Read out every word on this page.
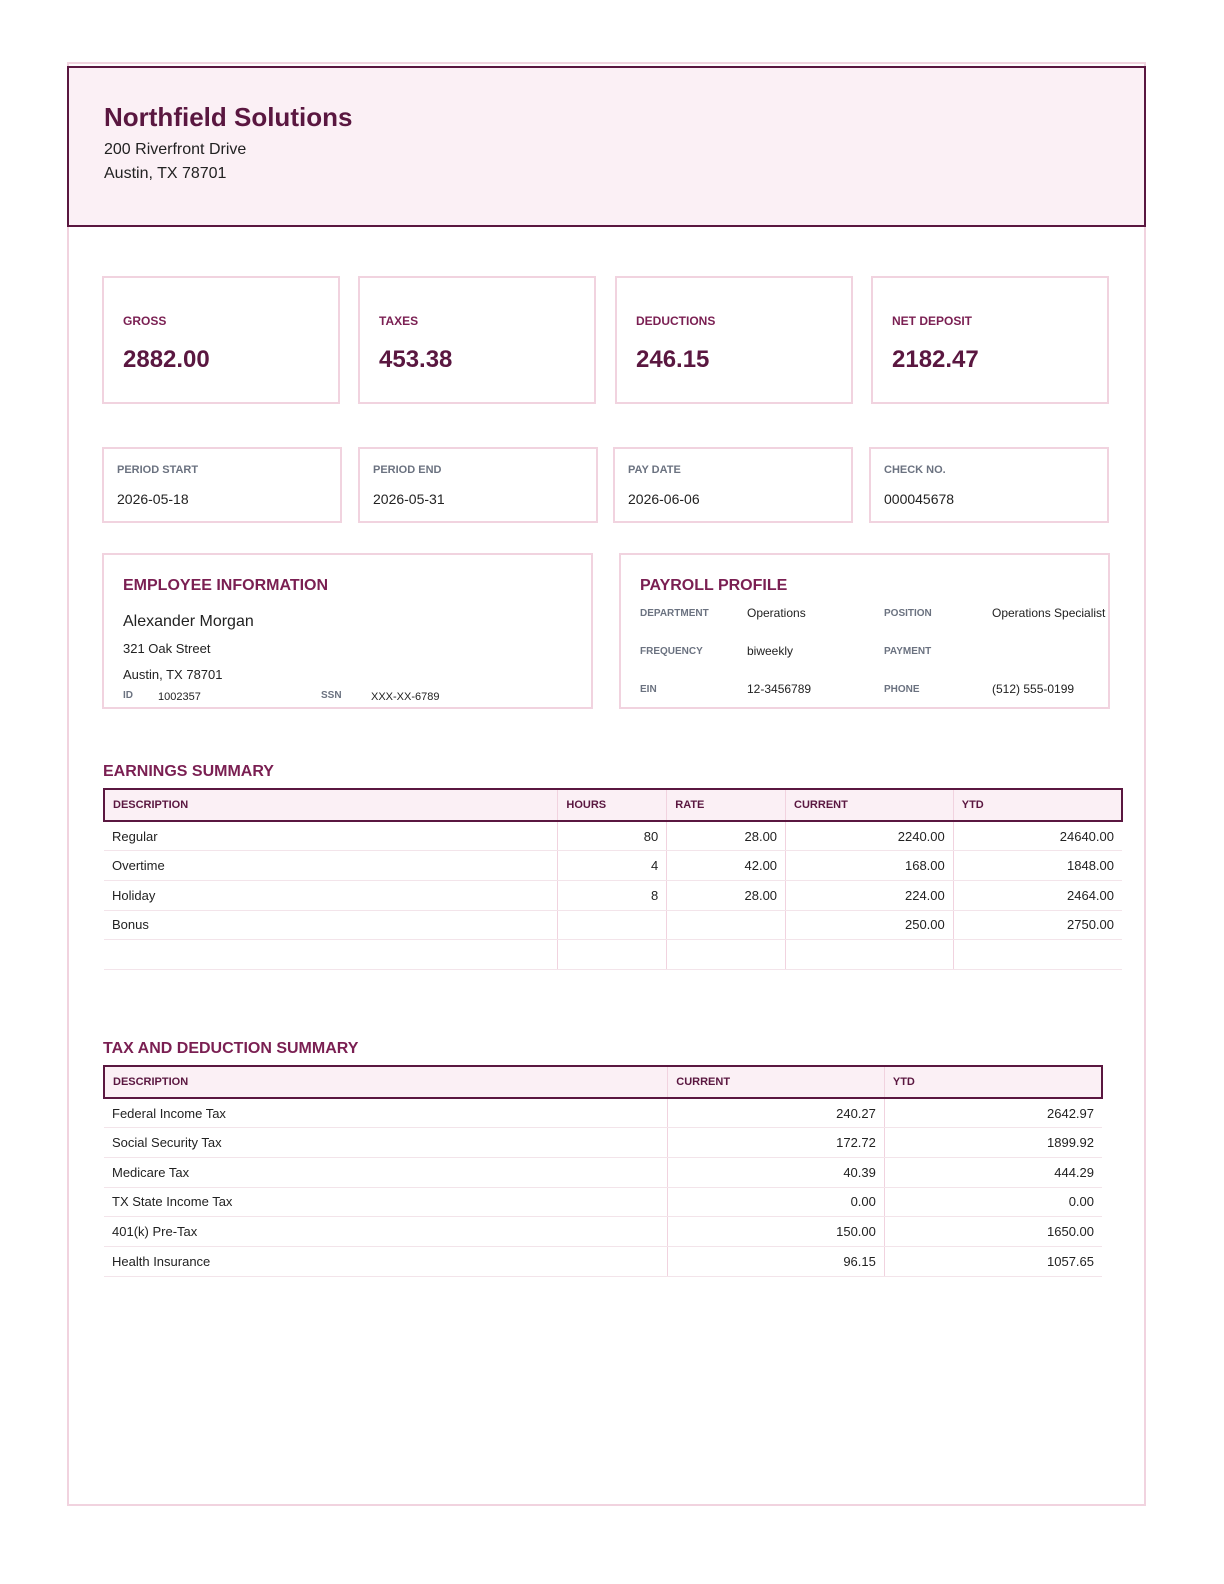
Northfield Solutions
200 Riverfront Drive
Austin, TX 78701
GROSS
2882.00
TAXES
453.38
DEDUCTIONS
246.15
NET DEPOSIT
2182.47
PERIOD START
2026-05-18
PERIOD END
2026-05-31
PAY DATE
2026-06-06
CHECK NO.
000045678
EMPLOYEE INFORMATION
Alexander Morgan
321 Oak Street
Austin, TX 78701
ID 1002357	SSN	XXX-XX-6789
PAYROLL PROFILE
DEPARTMENT	Operations	POSITION	Operations Specialist
FREQUENCY	biweekly	PAYMENT
EIN	12-3456789	PHONE	(512) 555-0199
EARNINGS SUMMARY
DESCRIPTION	HOURS	RATE	CURRENT	YTD
Regular	80	28.00	2240.00	24640.00
Overtime	4	42.00	168.00	1848.00
Holiday	8	28.00	224.00	2464.00
Bonus			250.00	2750.00

TAX AND DEDUCTION SUMMARY
DESCRIPTION	CURRENT	YTD
Federal Income Tax	240.27	2642.97
Social Security Tax	172.72	1899.92
Medicare Tax	40.39	444.29
TX State Income Tax	0.00	0.00
401(k) Pre-Tax	150.00	1650.00
Health Insurance	96.15	1057.65
